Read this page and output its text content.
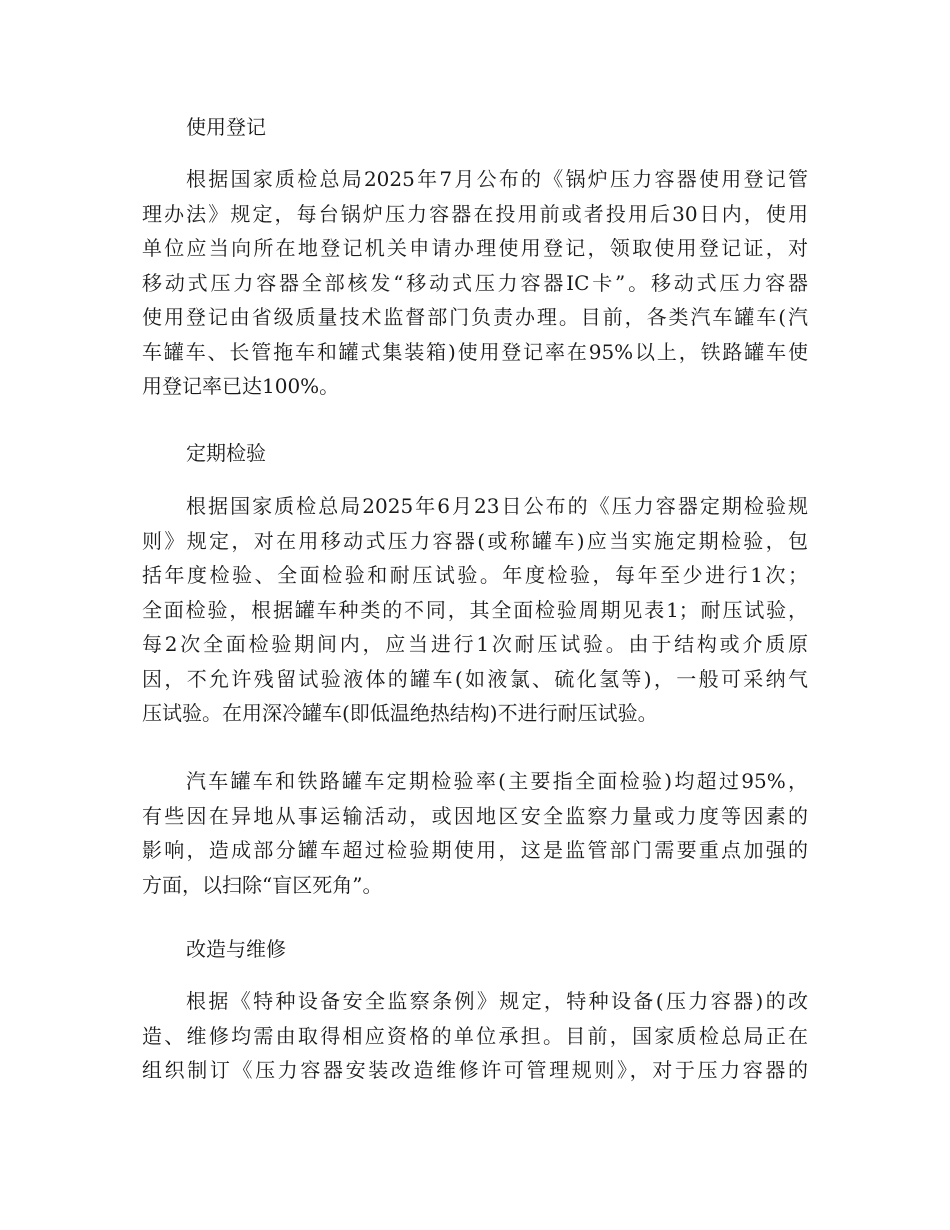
使用登记
根据国家质检总局2025年7月公布的《锅炉压力容器使用登记管
理办法》规定，每台锅炉压力容器在投用前或者投用后30日内，使用
单位应当向所在地登记机关申请办理使用登记，领取使用登记证，对
移动式压力容器全部核发“移动式压力容器IC卡”。移动式压力容器
使用登记由省级质量技术监督部门负责办理。目前，各类汽车罐车(汽
车罐车、长管拖车和罐式集装箱)使用登记率在95%以上，铁路罐车使
用登记率已达100%。
定期检验
根据国家质检总局2025年6月23日公布的《压力容器定期检验规
则》规定，对在用移动式压力容器(或称罐车)应当实施定期检验，包
括年度检验、全面检验和耐压试验。年度检验，每年至少进行1次；
全面检验，根据罐车种类的不同，其全面检验周期见表1；耐压试验，
每2次全面检验期间内，应当进行1次耐压试验。由于结构或介质原
因，不允许残留试验液体的罐车(如液氯、硫化氢等)，一般可采纳气
压试验。在用深冷罐车(即低温绝热结构)不进行耐压试验。
汽车罐车和铁路罐车定期检验率(主要指全面检验)均超过95%，
有些因在异地从事运输活动，或因地区安全监察力量或力度等因素的
影响，造成部分罐车超过检验期使用，这是监管部门需要重点加强的
方面，以扫除“盲区死角”。
改造与维修
根据《特种设备安全监察条例》规定，特种设备(压力容器)的改
造、维修均需由取得相应资格的单位承担。目前，国家质检总局正在
组织制订《压力容器安装改造维修许可管理规则》，对于压力容器的
